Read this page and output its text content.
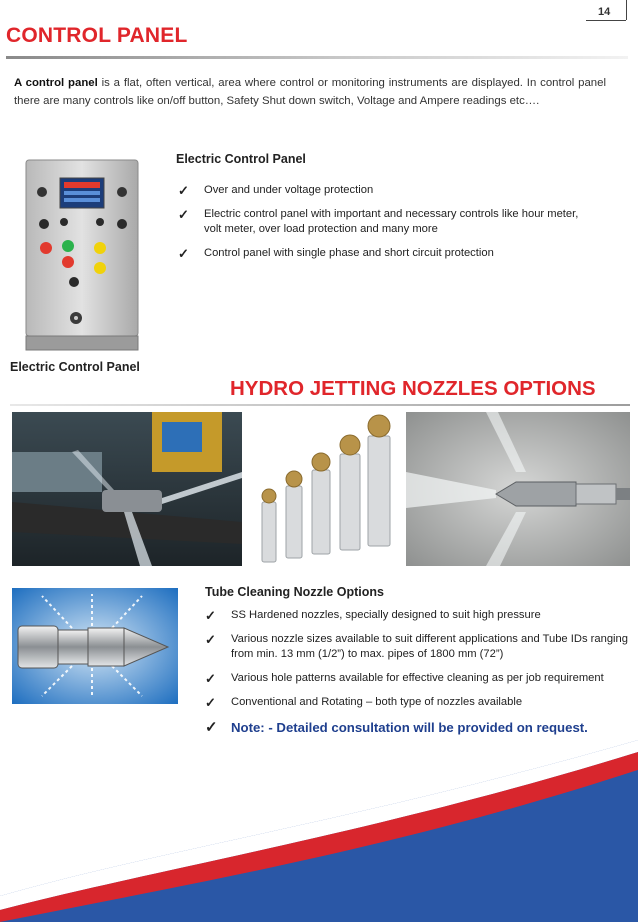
14
CONTROL PANEL

A control panel is a flat, often vertical, area where control or monitoring instruments are displayed. In control panel there are many controls like on/off button, Safety Shut down switch, Voltage and Ampere readings etc….

Electric Control Panel
✓ Over and under voltage protection
✓ Electric control panel with important and necessary controls like hour meter, volt meter, over load protection and many more
✓ Control panel with single phase and short circuit protection
Electric Control Panel
HYDRO JETTING NOZZLES OPTIONS
Tube Cleaning Nozzle Options
✓ SS Hardened nozzles, specially designed to suit high pressure
✓ Various nozzle sizes available to suit different applications and Tube IDs ranging from min. 13 mm (1/2”) to max. pipes of 1800 mm (72”)
✓ Various hole patterns available for effective cleaning as per job requirement
✓ Conventional and Rotating – both type of nozzles available
✓ Note: - Detailed consultation will be provided on request.
